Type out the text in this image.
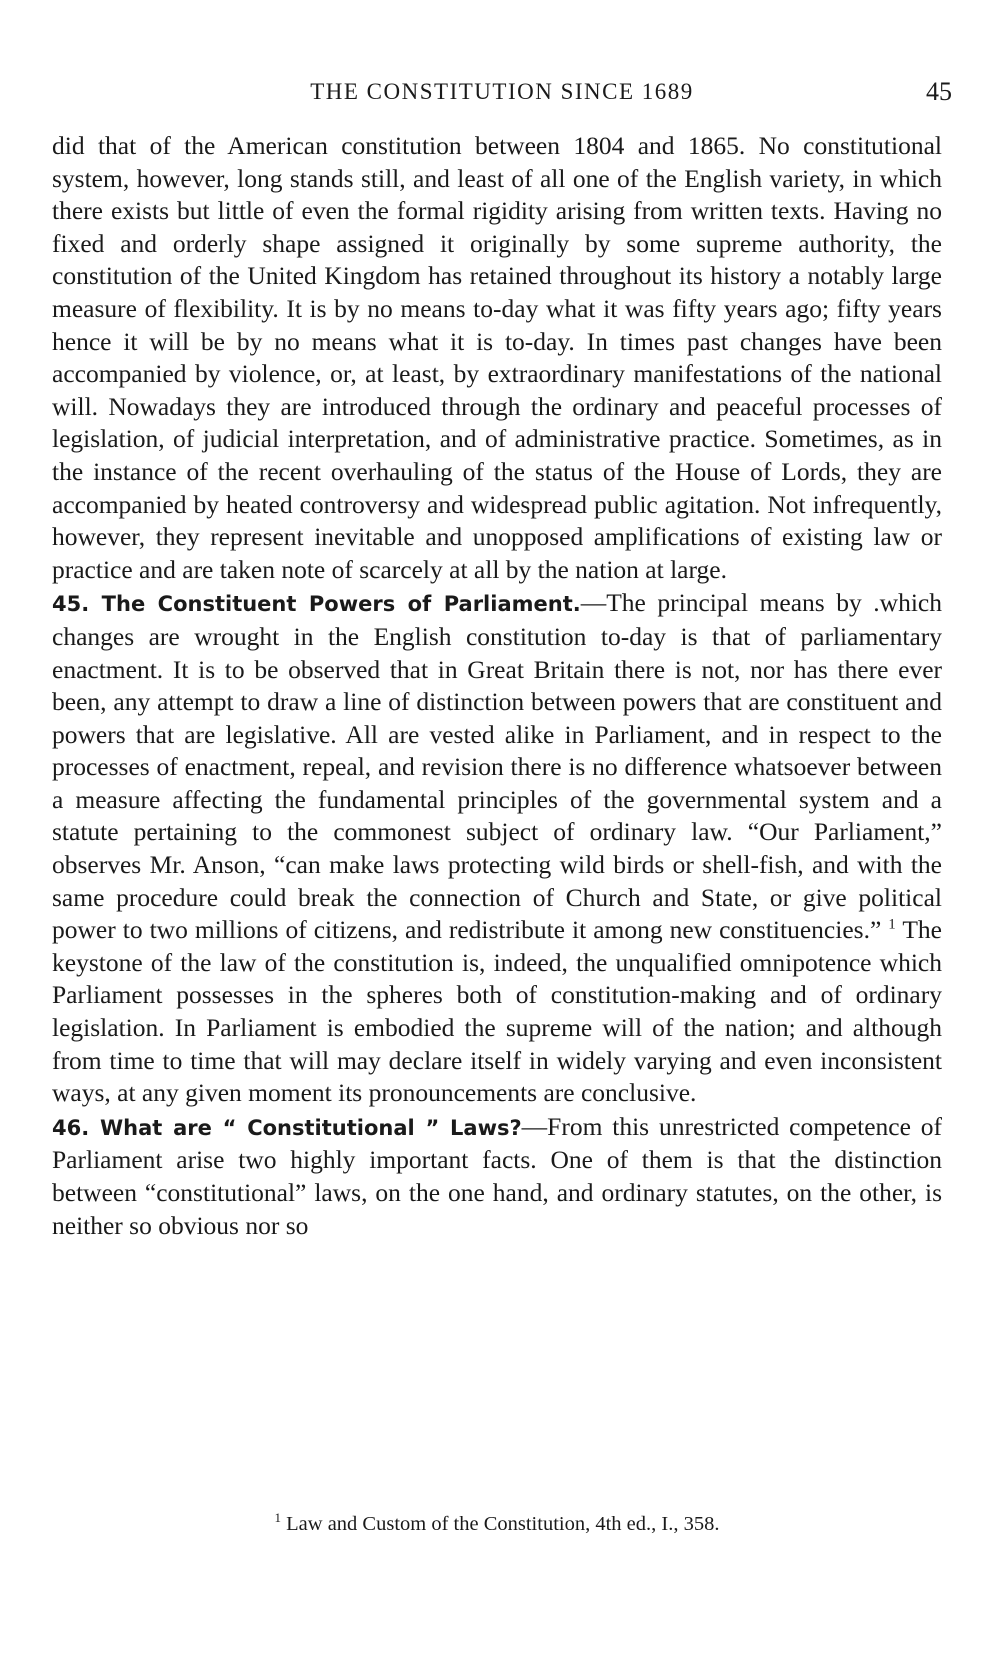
THE CONSTITUTION SINCE 1689	45

did that of the American constitution between 1804 and 1865. No constitutional system, however, long stands still, and least of all one of the English variety, in which there exists but little of even the formal rigidity arising from written texts. Having no fixed and orderly shape assigned it originally by some supreme authority, the constitution of the United Kingdom has retained throughout its history a notably large measure of flexibility. It is by no means to-day what it was fifty years ago; fifty years hence it will be by no means what it is to-day. In times past changes have been accompanied by violence, or, at least, by extraordinary manifestations of the national will. Nowadays they are introduced through the ordinary and peaceful processes of legislation, of judicial interpretation, and of administrative practice. Sometimes, as in the instance of the recent overhauling of the status of the House of Lords, they are accompanied by heated controversy and widespread public agitation. Not infrequently, however, they represent inevitable and unopposed amplifications of existing law or practice and are taken note of scarcely at all by the nation at large.

45. The Constituent Powers of Parliament.—The principal means by .which changes are wrought in the English constitution to-day is that of parliamentary enactment. It is to be observed that in Great Britain there is not, nor has there ever been, any attempt to draw a line of distinction between powers that are constituent and powers that are legislative. All are vested alike in Parliament, and in respect to the processes of enactment, repeal, and revision there is no difference whatsoever between a measure affecting the fundamental principles of the governmental system and a statute pertaining to the commonest subject of ordinary law. “Our Parliament,” observes Mr. Anson, “can make laws protecting wild birds or shell-fish, and with the same procedure could break the connection of Church and State, or give political power to two millions of citizens, and redistribute it among new constituencies.” $^1$ The keystone of the law of the constitution is, indeed, the unqualified omnipotence which Parliament possesses in the spheres both of constitution-making and of ordinary legislation. In Parliament is embodied the supreme will of the nation; and although from time to time that will may declare itself in widely varying and even inconsistent ways, at any given moment its pronouncements are conclusive.

46. What are “ Constitutional ” Laws?—From this unrestricted competence of Parliament arise two highly important facts. One of them is that the distinction between “constitutional” laws, on the one hand, and ordinary statutes, on the other, is neither so obvious nor so

$^1$ Law and Custom of the Constitution, 4th ed., I., 358.
